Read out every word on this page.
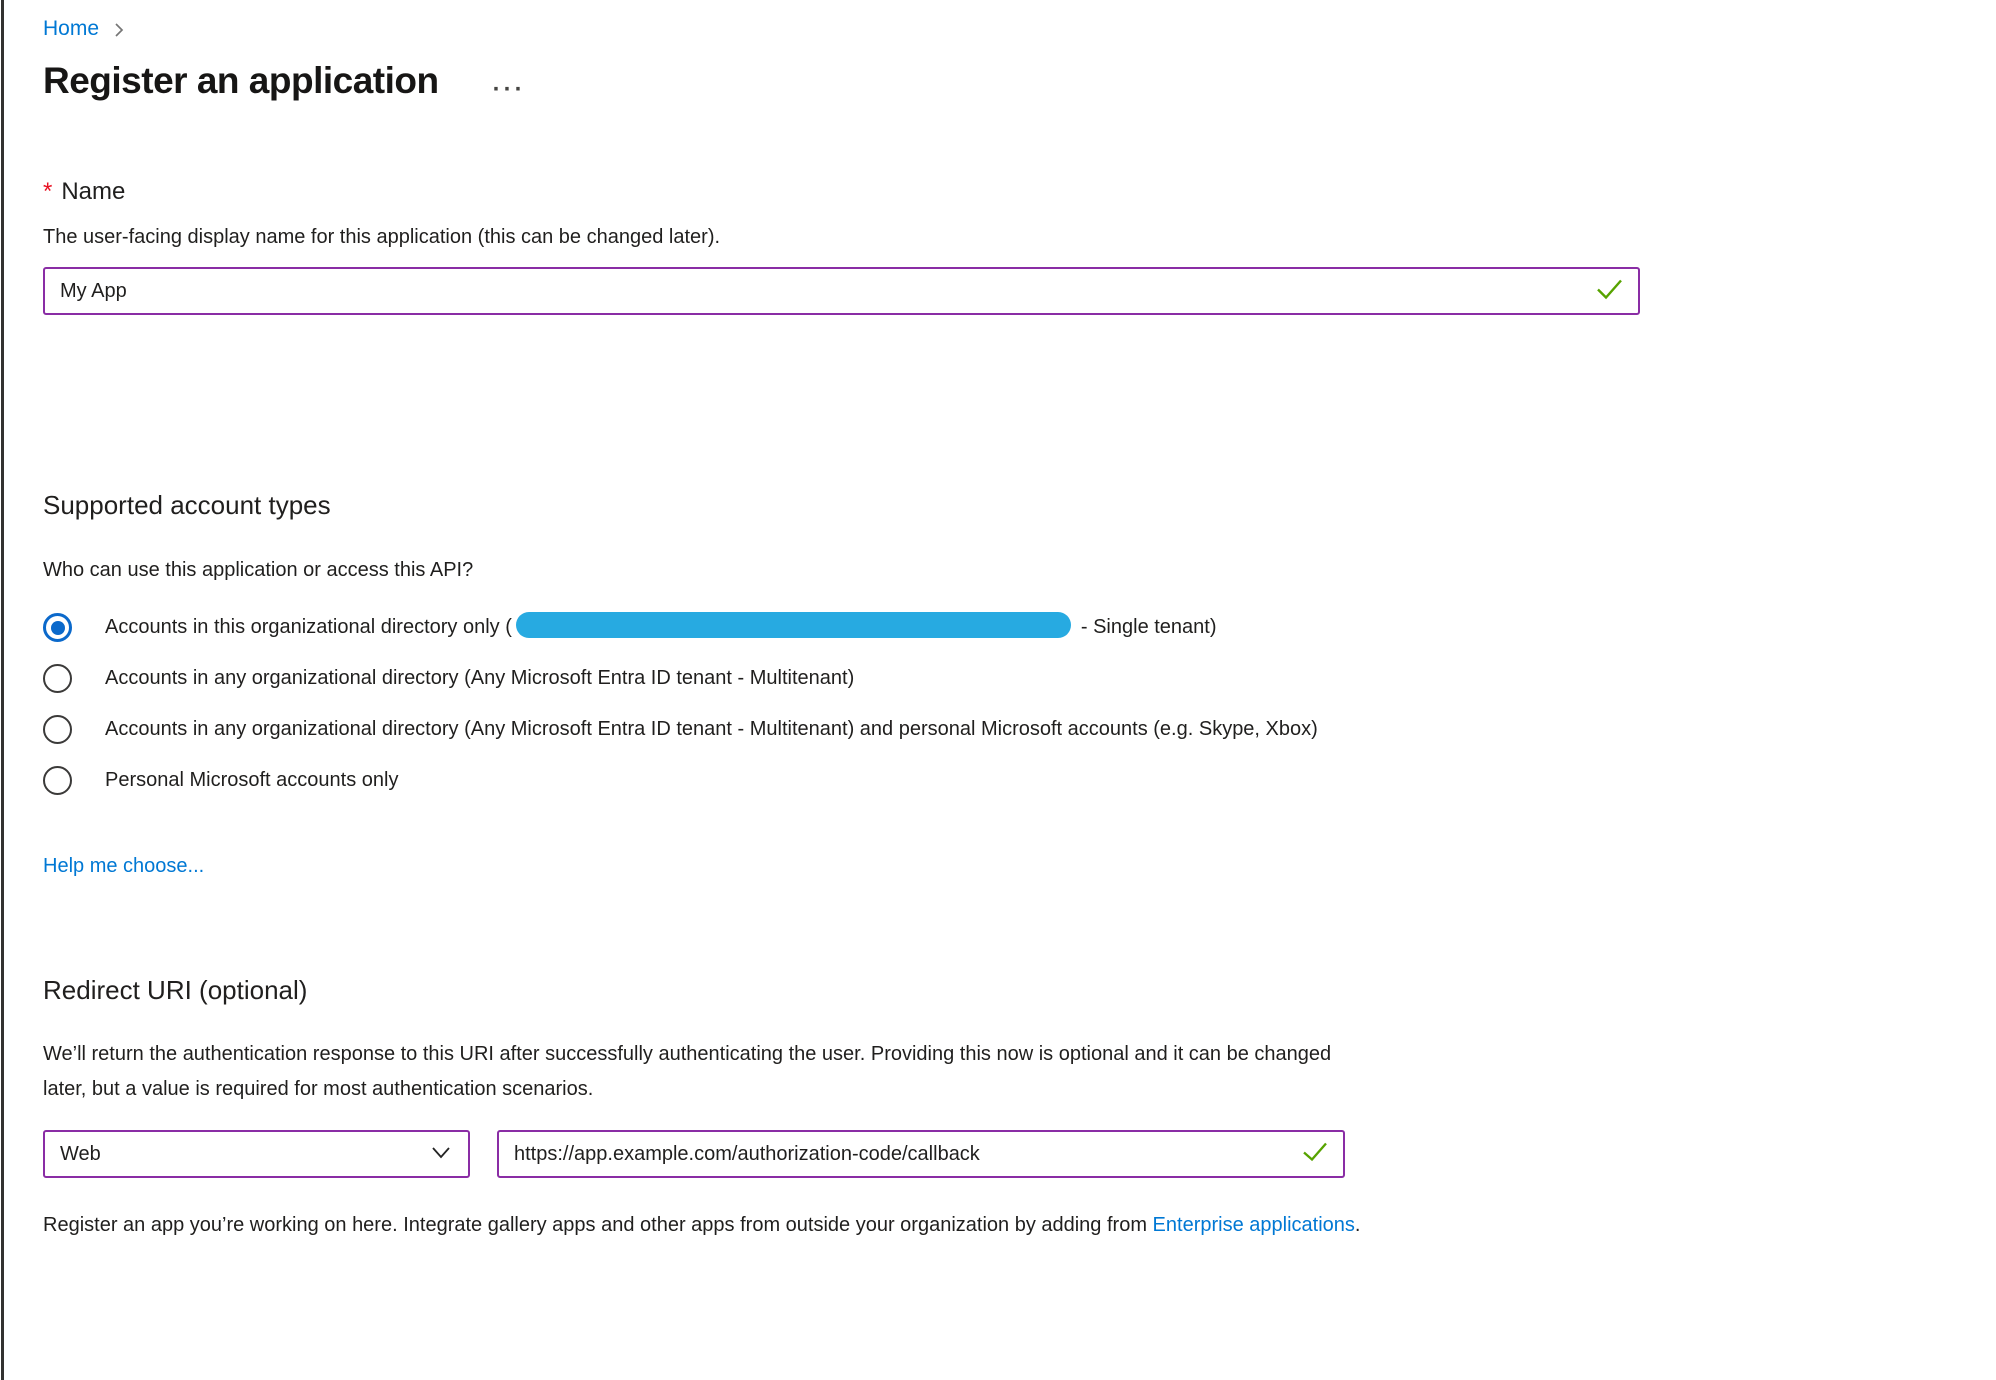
Home
Register an application ···
* Name
The user-facing display name for this application (this can be changed later).
My App
Supported account types
Who can use this application or access this API?
Accounts in this organizational directory only (	- Single tenant)
Accounts in any organizational directory (Any Microsoft Entra ID tenant - Multitenant)
Accounts in any organizational directory (Any Microsoft Entra ID tenant - Multitenant) and personal Microsoft accounts (e.g. Skype, Xbox)
Personal Microsoft accounts only
Help me choose...
Redirect URI (optional)
We’ll return the authentication response to this URI after successfully authenticating the user. Providing this now is optional and it can be changed later, but a value is required for most authentication scenarios.
Web
https://app.example.com/authorization-code/callback
Register an app you’re working on here. Integrate gallery apps and other apps from outside your organization by adding from Enterprise applications.
